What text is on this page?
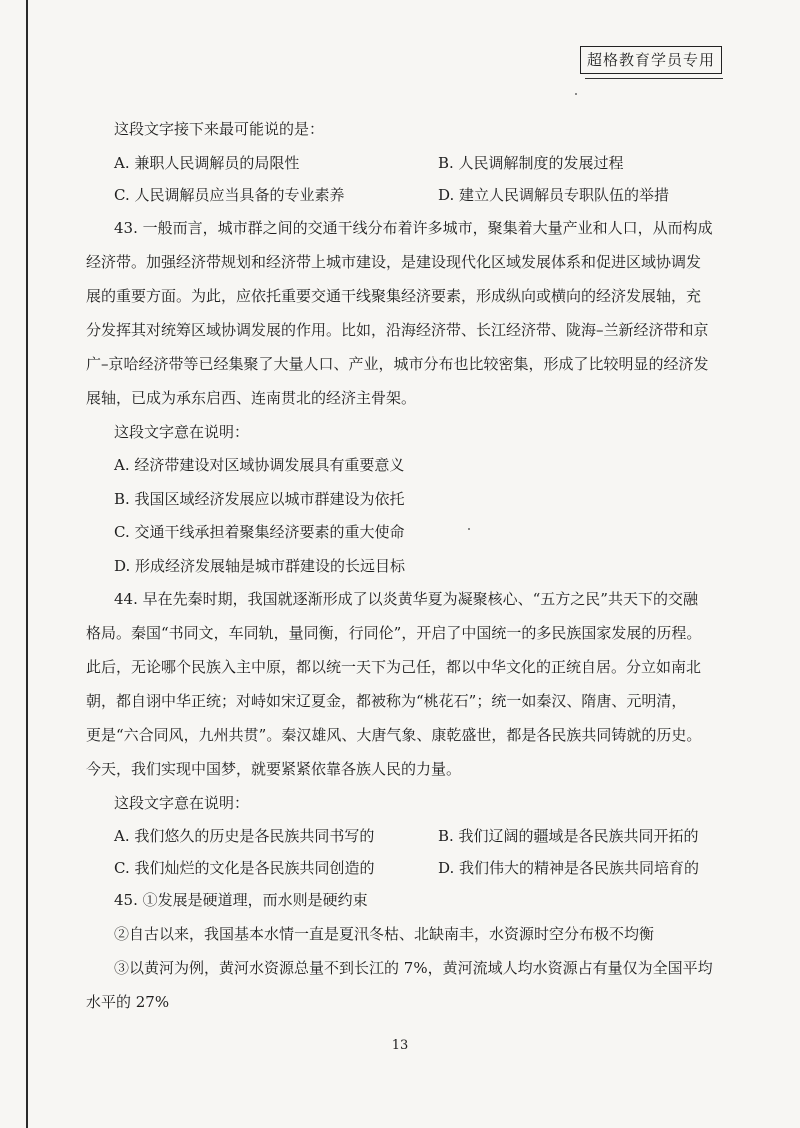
超格教育学员专用
这段文字接下来最可能说的是：
A. 兼职人民调解员的局限性	B. 人民调解制度的发展过程
C. 人民调解员应当具备的专业素养	D. 建立人民调解员专职队伍的举措
43. 一般而言，城市群之间的交通干线分布着许多城市，聚集着大量产业和人口，从而构成
经济带。加强经济带规划和经济带上城市建设，是建设现代化区域发展体系和促进区域协调发
展的重要方面。为此，应依托重要交通干线聚集经济要素，形成纵向或横向的经济发展轴，充
分发挥其对统筹区域协调发展的作用。比如，沿海经济带、长江经济带、陇海–兰新经济带和京
广–京哈经济带等已经集聚了大量人口、产业，城市分布也比较密集，形成了比较明显的经济发
展轴，已成为承东启西、连南贯北的经济主骨架。
这段文字意在说明：
A. 经济带建设对区域协调发展具有重要意义
B. 我国区域经济发展应以城市群建设为依托
C. 交通干线承担着聚集经济要素的重大使命
D. 形成经济发展轴是城市群建设的长远目标
44. 早在先秦时期，我国就逐渐形成了以炎黄华夏为凝聚核心、“五方之民”共天下的交融
格局。秦国“书同文，车同轨，量同衡，行同伦”，开启了中国统一的多民族国家发展的历程。
此后，无论哪个民族入主中原，都以统一天下为己任，都以中华文化的正统自居。分立如南北
朝，都自诩中华正统；对峙如宋辽夏金，都被称为“桃花石”；统一如秦汉、隋唐、元明清，
更是“六合同风，九州共贯”。秦汉雄风、大唐气象、康乾盛世，都是各民族共同铸就的历史。
今天，我们实现中国梦，就要紧紧依靠各族人民的力量。
这段文字意在说明：
A. 我们悠久的历史是各民族共同书写的	B. 我们辽阔的疆域是各民族共同开拓的
C. 我们灿烂的文化是各民族共同创造的	D. 我们伟大的精神是各民族共同培育的
45. ①发展是硬道理，而水则是硬约束
②自古以来，我国基本水情一直是夏汛冬枯、北缺南丰，水资源时空分布极不均衡
③以黄河为例，黄河水资源总量不到长江的 7%，黄河流域人均水资源占有量仅为全国平均
水平的 27%
13
